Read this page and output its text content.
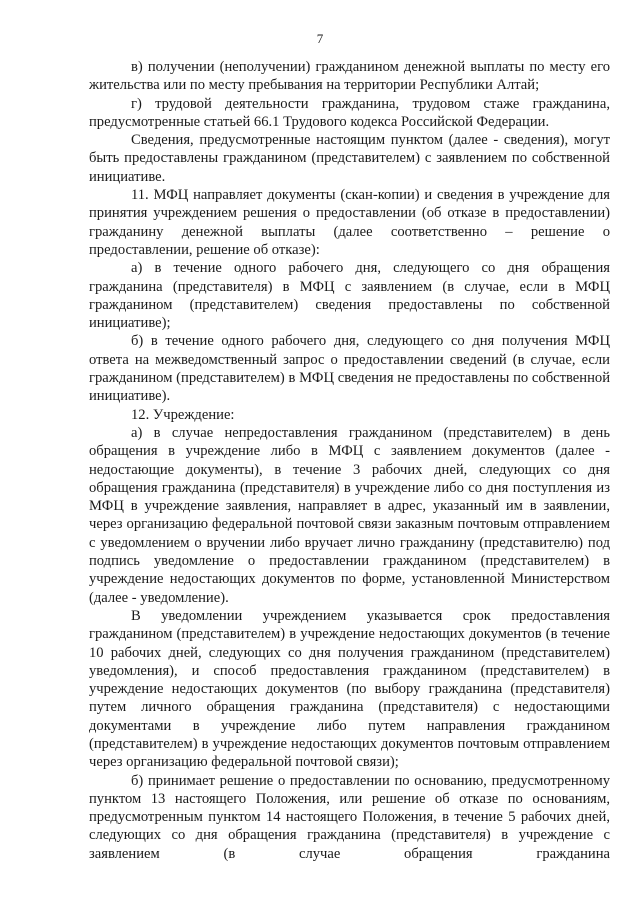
7

в) получении (неполучении) гражданином денежной выплаты по месту его жительства или по месту пребывания на территории Республики Алтай;

г) трудовой деятельности гражданина, трудовом стаже гражданина, предусмотренные статьей 66.1 Трудового кодекса Российской Федерации.

Сведения, предусмотренные настоящим пунктом (далее - сведения), могут быть предоставлены гражданином (представителем) с заявлением по собственной инициативе.

11. МФЦ направляет документы (скан-копии) и сведения в учреждение для принятия учреждением решения о предоставлении (об отказе в предоставлении) гражданину денежной выплаты (далее соответственно – решение о предоставлении, решение об отказе):

а) в течение одного рабочего дня, следующего со дня обращения гражданина (представителя) в МФЦ с заявлением (в случае, если в МФЦ гражданином (представителем) сведения предоставлены по собственной инициативе);

б) в течение одного рабочего дня, следующего со дня получения МФЦ ответа на межведомственный запрос о предоставлении сведений (в случае, если гражданином (представителем) в МФЦ сведения не предоставлены по собственной инициативе).

12. Учреждение:

а) в случае непредоставления гражданином (представителем) в день обращения в учреждение либо в МФЦ с заявлением документов (далее - недостающие документы), в течение 3 рабочих дней, следующих со дня обращения гражданина (представителя) в учреждение либо со дня поступления из МФЦ в учреждение заявления, направляет в адрес, указанный им в заявлении, через организацию федеральной почтовой связи заказным почтовым отправлением с уведомлением о вручении либо вручает лично гражданину (представителю) под подпись уведомление о предоставлении гражданином (представителем) в учреждение недостающих документов по форме, установленной Министерством (далее - уведомление).

В уведомлении учреждением указывается срок предоставления гражданином (представителем) в учреждение недостающих документов (в течение 10 рабочих дней, следующих со дня получения гражданином (представителем) уведомления), и способ предоставления гражданином (представителем) в учреждение недостающих документов (по выбору гражданина (представителя) путем личного обращения гражданина (представителя) с недостающими документами в учреждение либо путем направления гражданином (представителем) в учреждение недостающих документов почтовым отправлением через организацию федеральной почтовой связи);

б) принимает решение о предоставлении по основанию, предусмотренному пунктом 13 настоящего Положения, или решение об отказе по основаниям, предусмотренным пунктом 14 настоящего Положения, в течение 5 рабочих дней, следующих со дня обращения гражданина (представителя) в учреждение с заявлением (в случае обращения гражданина
